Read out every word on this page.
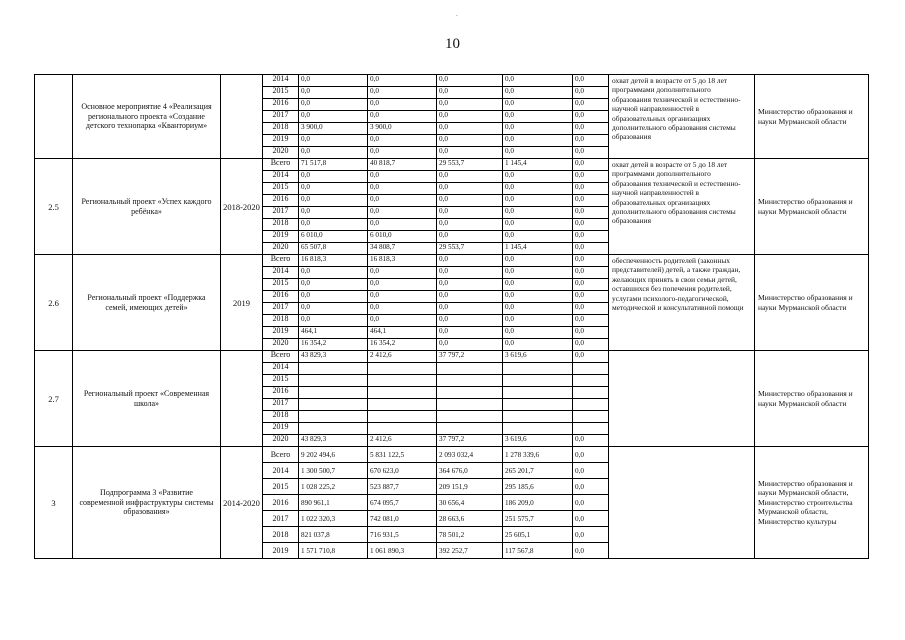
.
10
	Основное мероприятие 4 «Реализация регионального проекта «Создание детского технопарка «Кванториум»		2014	0,0	0,0	0,0	0,0	0,0	охват детей в возрасте от 5 до 18 лет программами дополнительного образования технической и естественно-научной направленностей в образовательных организациях дополнительного образования системы образования	Министерство образования и науки Мурманской области
			2015	0,0	0,0	0,0	0,0	0,0		
			2016	0,0	0,0	0,0	0,0	0,0		
			2017	0,0	0,0	0,0	0,0	0,0		
			2018	3 900,0	3 900,0	0,0	0,0	0,0		
			2019	0,0	0,0	0,0	0,0	0,0		
			2020	0,0	0,0	0,0	0,0	0,0		
2.5	Региональный проект «Успех каждого ребёнка»	2018-2020	Всего	71 517,8	40 818,7	29 553,7	1 145,4	0,0	охват детей в возрасте от 5 до 18 лет программами дополнительного образования технической и естественно-научной направленностей в образовательных организациях дополнительного образования системы образования	Министерство образования и науки Мурманской области
			2014	0,0	0,0	0,0	0,0	0,0		
			2015	0,0	0,0	0,0	0,0	0,0		
			2016	0,0	0,0	0,0	0,0	0,0		
			2017	0,0	0,0	0,0	0,0	0,0		
			2018	0,0	0,0	0,0	0,0	0,0		
			2019	6 010,0	6 010,0	0,0	0,0	0,0		
			2020	65 507,8	34 808,7	29 553,7	1 145,4	0,0		
2.6	Региональный проект «Поддержка семей, имеющих детей»	2019	Всего	16 818,3	16 818,3	0,0	0,0	0,0	обеспеченность родителей (законных представителей) детей, а также граждан, желающих принять в свои семьи детей, оставшихся без попечения родителей, услугами психолого-педагогической, методической и консультативной помощи	Министерство образования и науки Мурманской области
			2014	0,0	0,0	0,0	0,0	0,0		
			2015	0,0	0,0	0,0	0,0	0,0		
			2016	0,0	0,0	0,0	0,0	0,0		
			2017	0,0	0,0	0,0	0,0	0,0		
			2018	0,0	0,0	0,0	0,0	0,0		
			2019	464,1	464,1	0,0	0,0	0,0		
			2020	16 354,2	16 354,2	0,0	0,0	0,0		
2.7	Региональный проект «Современная школа»		Всего	43 829,3	2 412,6	37 797,2	3 619,6	0,0		Министерство образования и науки Мурманской области
			2014							
			2015							
			2016							
			2017							
			2018							
			2019							
			2020	43 829,3	2 412,6	37 797,2	3 619,6	0,0		
3	Подпрограмма 3 «Развитие современной инфраструктуры системы образования»	2014-2020	Всего	9 202 494,6	5 831 122,5	2 093 032,4	1 278 339,6	0,0		Министерство образования и науки Мурманской области, Министерство строительства Мурманской области, Министерство культуры
			2014	1 300 500,7	670 623,0	364 676,0	265 201,7	0,0		
			2015	1 028 225,2	523 887,7	209 151,9	295 185,6	0,0		
			2016	890 961,1	674 095,7	30 656,4	186 209,0	0,0		
			2017	1 022 320,3	742 081,0	28 663,6	251 575,7	0,0		
			2018	821 037,8	716 931,5	78 501,2	25 605,1	0,0		
			2019	1 571 710,8	1 061 890,3	392 252,7	117 567,8	0,0		
